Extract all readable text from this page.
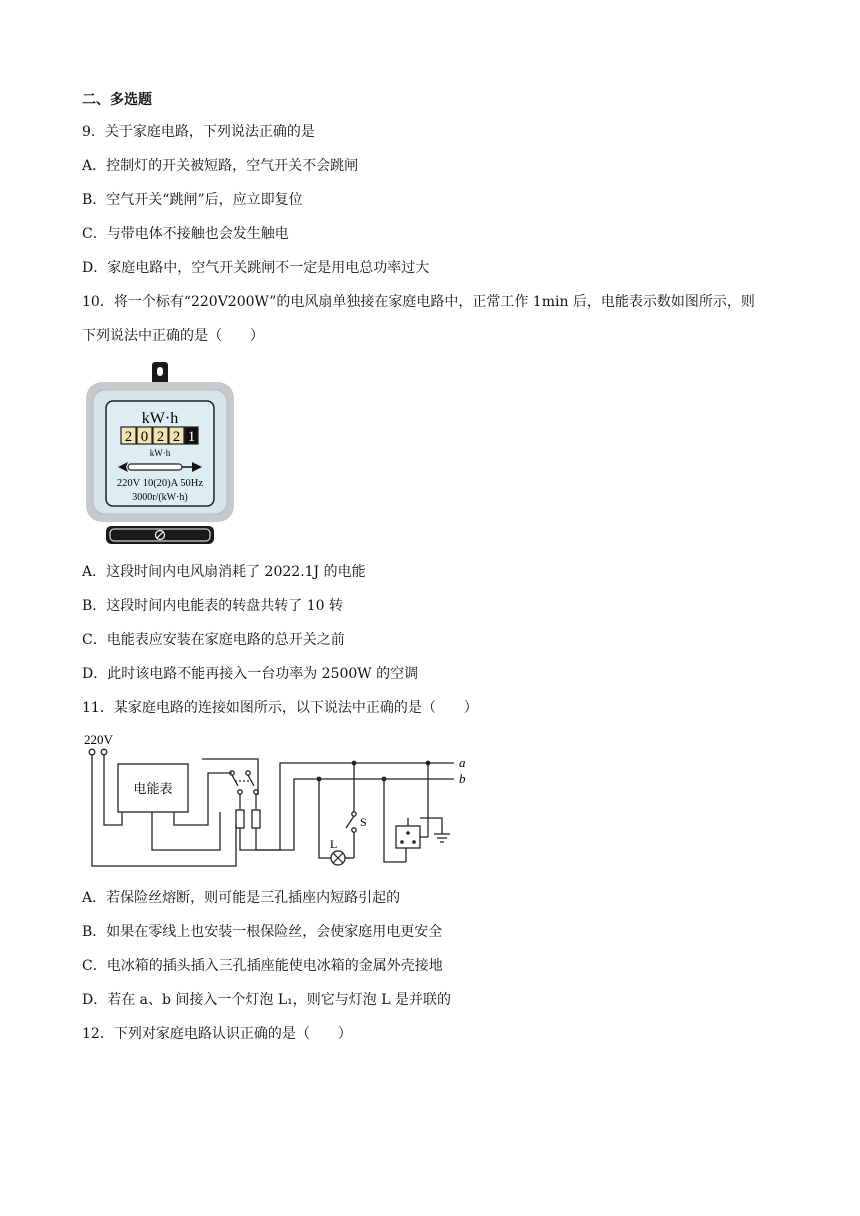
二、多选题

9．关于家庭电路，下列说法正确的是

A．控制灯的开关被短路，空气开关不会跳闸

B．空气开关“跳闸”后，应立即复位

C．与带电体不接触也会发生触电

D．家庭电路中，空气开关跳闸不一定是用电总功率过大

10．将一个标有“220V200W”的电风扇单独接在家庭电路中，正常工作 1min 后，电能表示数如图所示，则

下列说法中正确的是（　　）

kW·h
2 0 2 2 1
kW·h
220V 10(20)A 50Hz
3000r/(kW·h)

A．这段时间内电风扇消耗了 2022.1J 的电能

B．这段时间内电能表的转盘共转了 10 转

C．电能表应安装在家庭电路的总开关之前

D．此时该电路不能再接入一台功率为 2500W 的空调

11．某家庭电路的连接如图所示，以下说法中正确的是（　　）

220V
电能表
a
b
S
L

A．若保险丝熔断，则可能是三孔插座内短路引起的

B．如果在零线上也安装一根保险丝，会使家庭用电更安全

C．电冰箱的插头插入三孔插座能使电冰箱的金属外壳接地

D．若在 a、b 间接入一个灯泡 L₁，则它与灯泡 L 是并联的

12．下列对家庭电路认识正确的是（　　）
